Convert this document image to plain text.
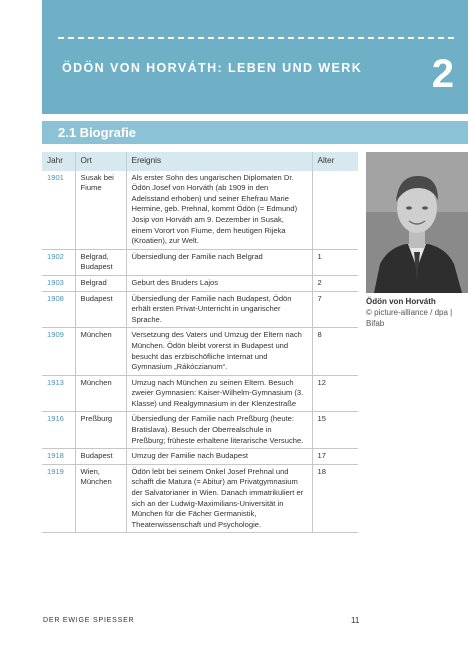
ÖDÖN VON HORVÁTH: LEBEN UND WERK 2
2.1 Biografie
Jahr	Ort	Ereignis	Alter
1901	Susak bei Fiume	Als erster Sohn des ungarischen Diplomaten Dr. Ödön Josef von Horváth (ab 1909 in den Adelsstand erhoben) und seiner Ehefrau Marie Hermine, geb. Prehnal, kommt Ödön (= Edmund) Josip von Horváth am 9. Dezember in Susak, einem Vorort von Fiume, dem heutigen Rijeka (Kroatien), zur Welt.	
1902	Belgrad, Budapest	Übersiedlung der Familie nach Belgrad	1
1903	Belgrad	Geburt des Bruders Lajos	2
1908	Budapest	Übersiedlung der Familie nach Budapest, Ödön erhält ersten Privat-Unterricht in ungarischer Sprache.	7
1909	München	Versetzung des Vaters und Umzug der Eltern nach München. Ödön bleibt vorerst in Budapest und besucht das erzbischöfliche Internat und Gymnasium „Rákóczianum“.	8
1913	München	Umzug nach München zu seinen Eltern. Besuch zweier Gymnasien: Kaiser-Wilhelm-Gymnasium (3. Klasse) und Realgymnasium in der Klenzestraße	12
1916	Preßburg	Übersiedlung der Familie nach Preßburg (heute: Bratislava). Besuch der Oberrealschule in Preßburg; früheste erhaltene literarische Versuche.	15
1918	Budapest	Umzug der Familie nach Budapest	17
1919	Wien, München	Ödön lebt bei seinem Onkel Josef Prehnal und schafft die Matura (= Abitur) am Privatgymnasium der Salvatorianer in Wien. Danach immatrikuliert er sich an der Ludwig-Maximilians-Universität in München für die Fächer Germanistik, Theaterwissenschaft und Psychologie.	18
Ödön von Horváth
© picture-alliance / dpa | Bifab
DER EWIGE SPIESSER	11
